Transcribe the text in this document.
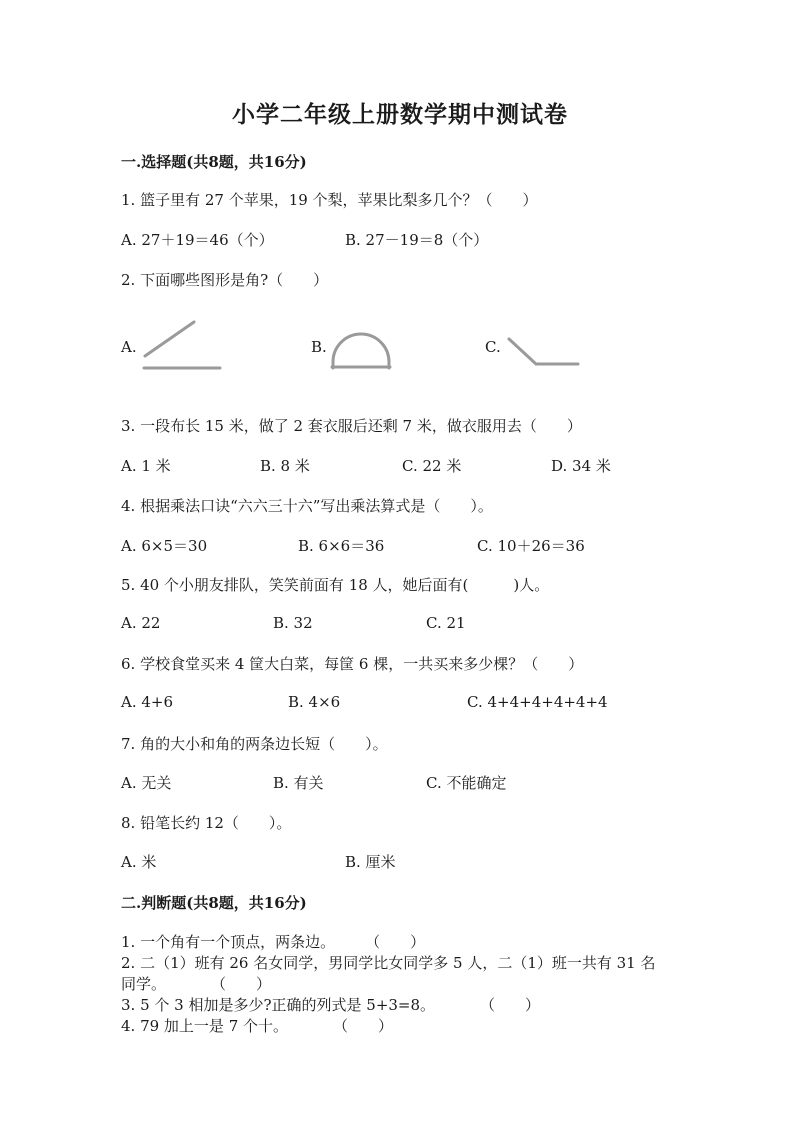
小学二年级上册数学期中测试卷
一.选择题(共8题，共16分)
1. 篮子里有 27 个苹果，19 个梨，苹果比梨多几个？（　　）
A. 27＋19＝46（个）	B. 27－19＝8（个）
2. 下面哪些图形是角?（　　）
A.	B.	C.
3. 一段布长 15 米，做了 2 套衣服后还剩 7 米，做衣服用去（　　）
A. 1 米	B. 8 米	C. 22 米	D. 34 米
4. 根据乘法口诀“六六三十六”写出乘法算式是（　　）。
A. 6×5＝30	B. 6×6＝36	C. 10＋26＝36
5. 40 个小朋友排队，笑笑前面有 18 人，她后面有(　　　)人。
A. 22	B. 32	C. 21
6. 学校食堂买来 4 筐大白菜，每筐 6 棵，一共买来多少棵？（　　）
A. 4+6	B. 4×6	C. 4+4+4+4+4+4
7. 角的大小和角的两条边长短（　　）。
A. 无关	B. 有关	C. 不能确定
8. 铅笔长约 12（　　）。
A. 米	B. 厘米
二.判断题(共8题，共16分)
1. 一个角有一个顶点，两条边。　　　（　　）
2. 二（1）班有 26 名女同学，男同学比女同学多 5 人，二（1）班一共有 31 名
同学。　　　　（　　）
3. 5 个 3 相加是多少?正确的列式是 5+3=8。　　　　（　　）
4. 79 加上一是 7 个十。　　　　（　　）
